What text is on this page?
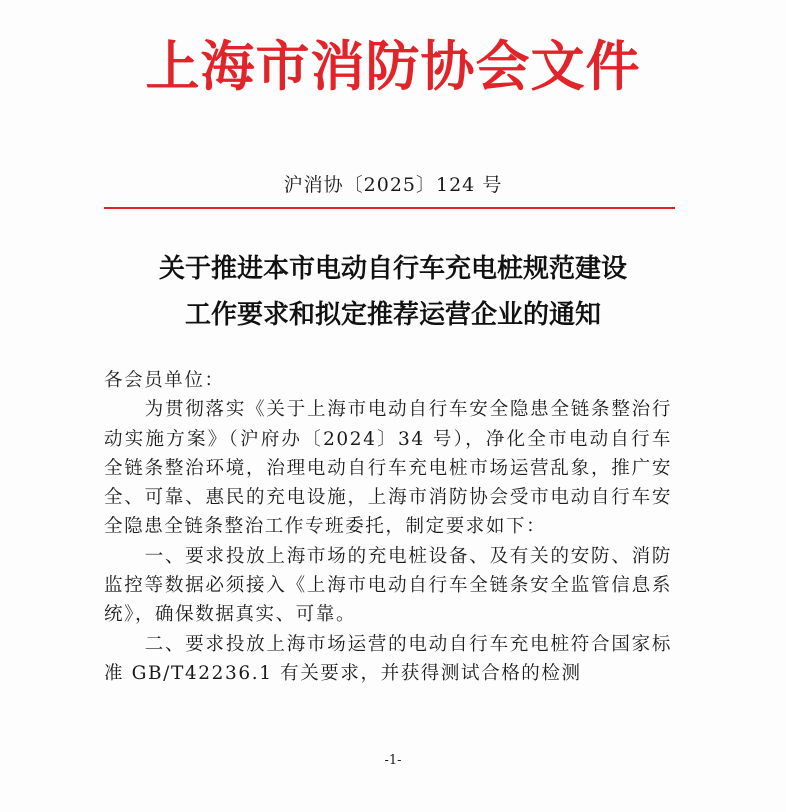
上海市消防协会文件
沪消协〔2025〕124 号
关于推进本市电动自行车充电桩规范建设
工作要求和拟定推荐运营企业的通知

各会员单位：

为贯彻落实《关于上海市电动自行车安全隐患全链条整治行动实施方案》（沪府办〔2024〕34 号），净化全市电动自行车全链条整治环境，治理电动自行车充电桩市场运营乱象，推广安全、可靠、惠民的充电设施，上海市消防协会受市电动自行车安全隐患全链条整治工作专班委托，制定要求如下：

一、要求投放上海市场的充电桩设备、及有关的安防、消防监控等数据必须接入《上海市电动自行车全链条安全监管信息系统》，确保数据真实、可靠。

二、要求投放上海市场运营的电动自行车充电桩符合国家标准 GB/T42236.1 有关要求，并获得测试合格的检测

-1-
